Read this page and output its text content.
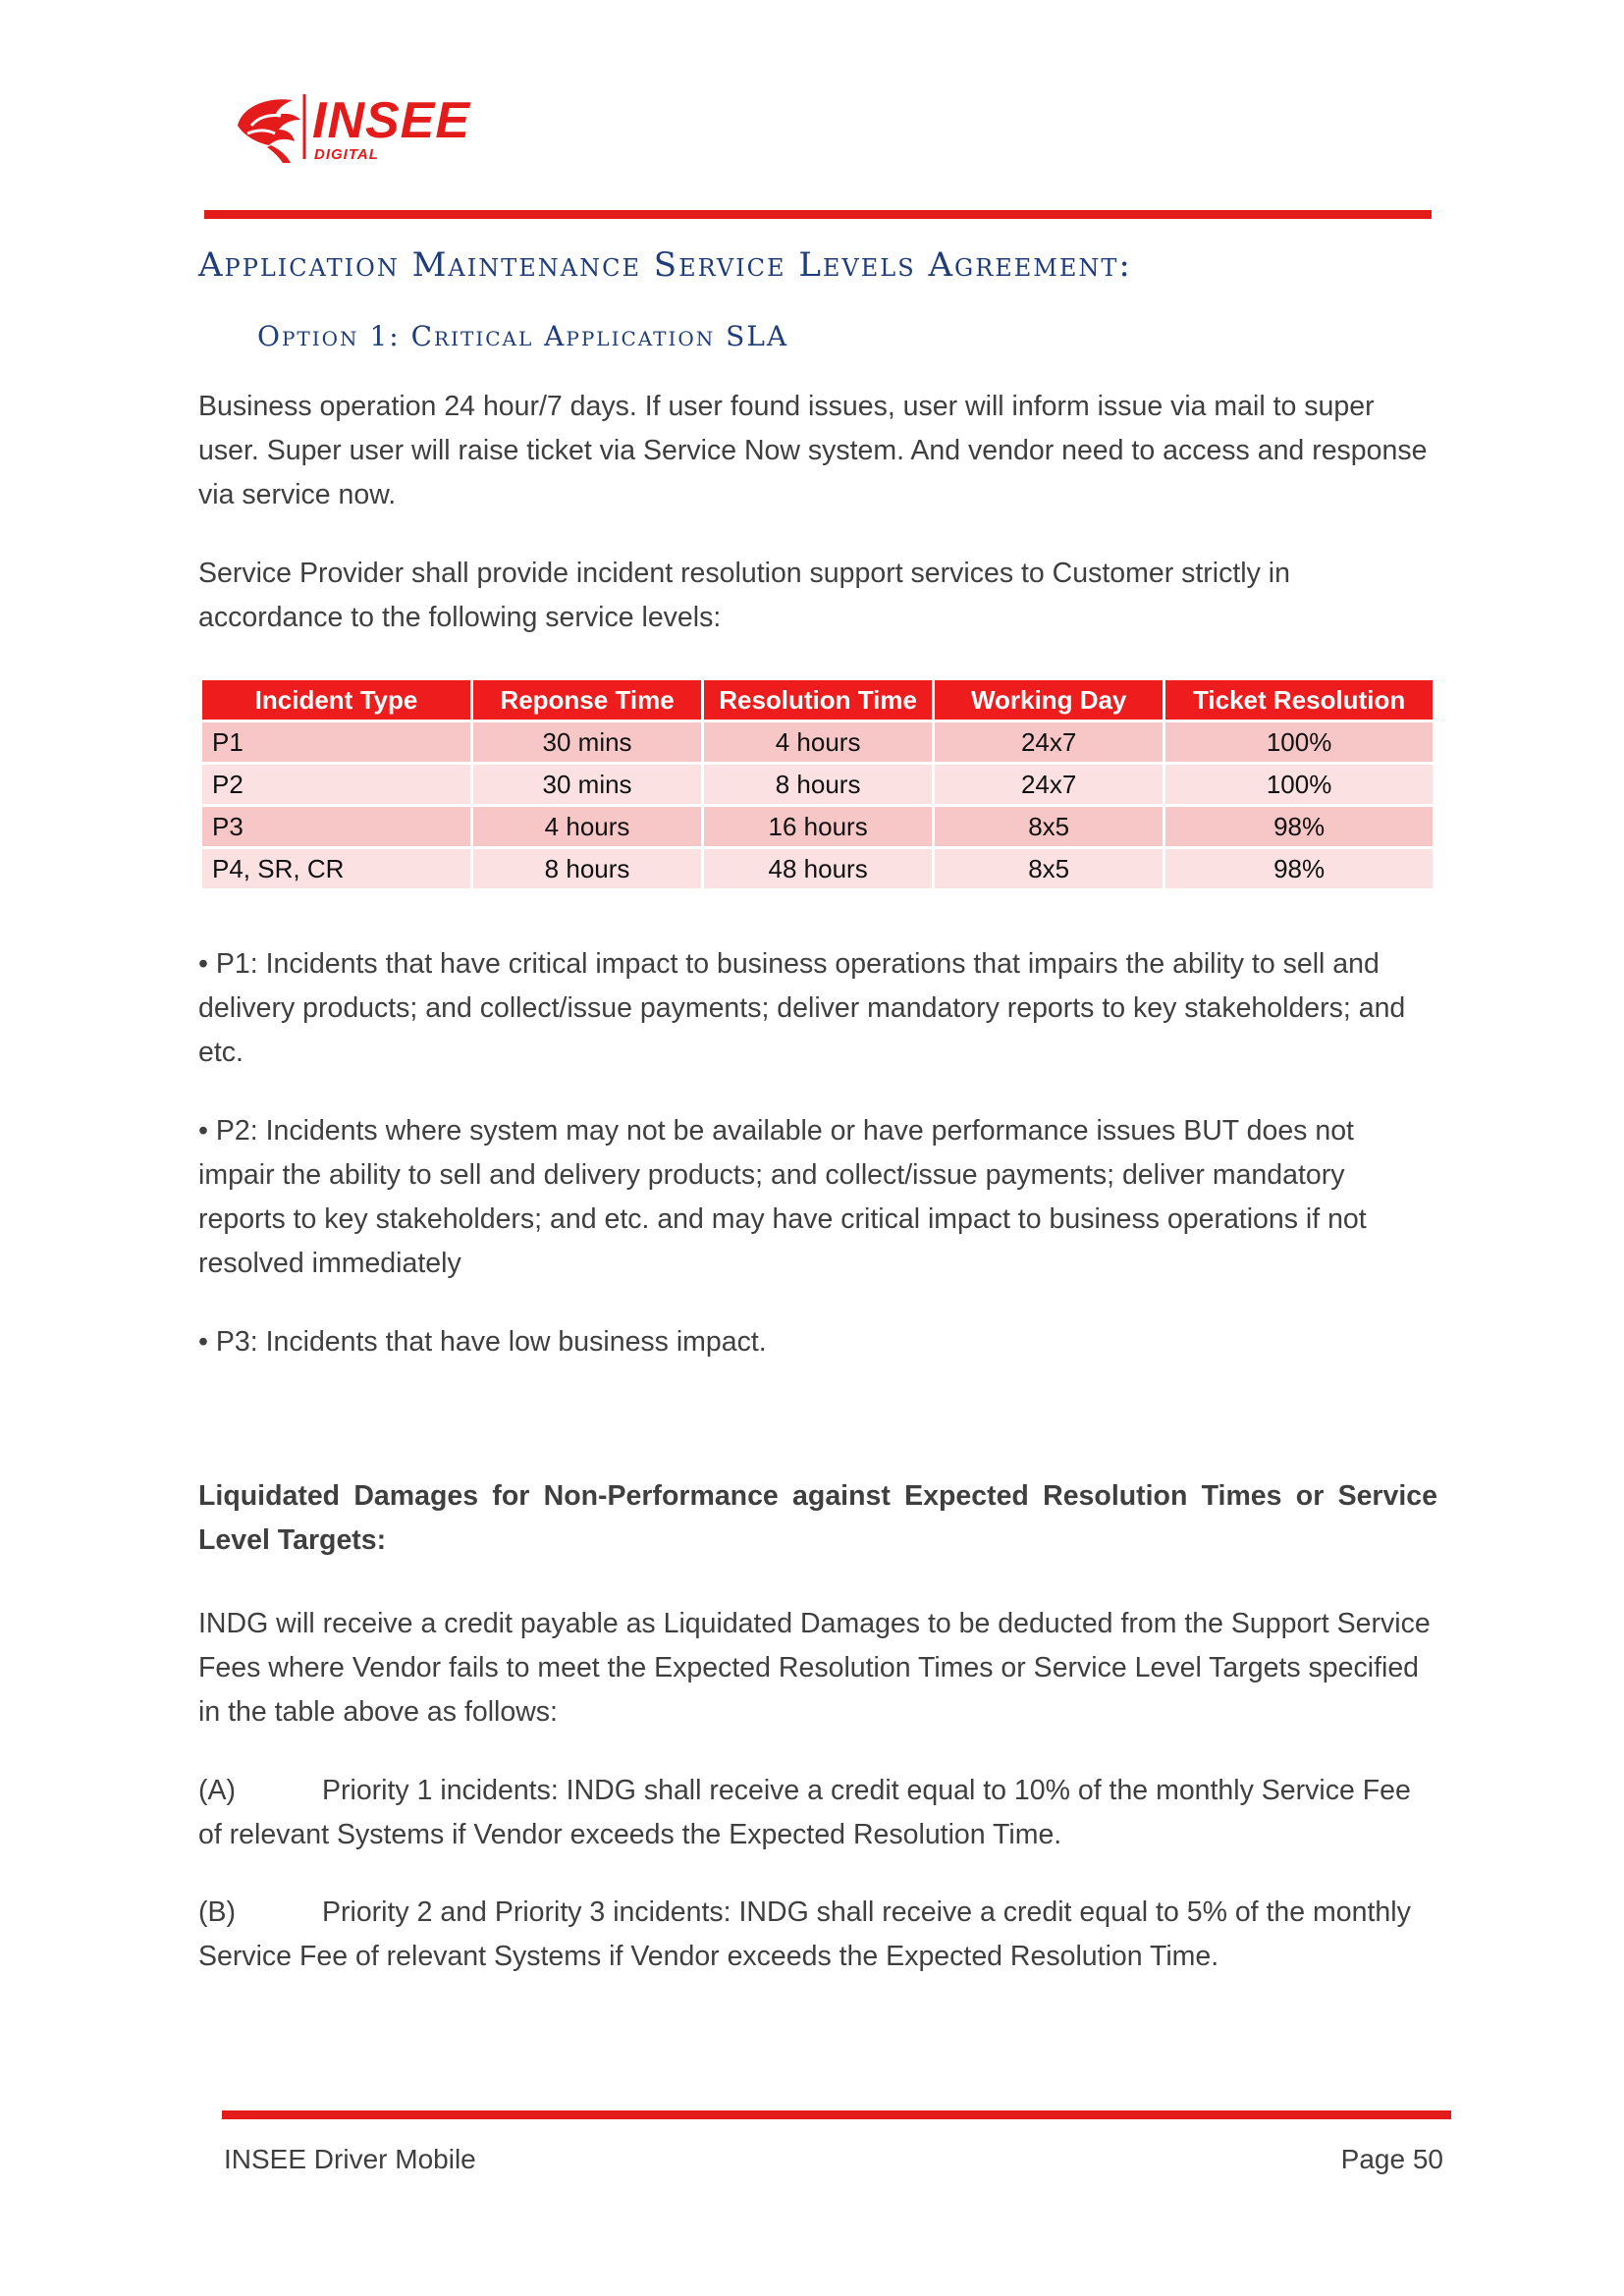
INSEE
DIGITAL
Application Maintenance Service Levels Agreement:
Option 1: Critical Application SLA

Business operation 24 hour/7 days. If user found issues, user will inform issue via mail to super user. Super user will raise ticket via Service Now system. And vendor need to access and response via service now.

Service Provider shall provide incident resolution support services to Customer strictly in accordance to the following service levels:

Incident Type	Reponse Time	Resolution Time	Working Day	Ticket Resolution
P1	30 mins	4 hours	24x7	100%
P2	30 mins	8 hours	24x7	100%
P3	4 hours	16 hours	8x5	98%
P4, SR, CR	8 hours	48 hours	8x5	98%

• P1: Incidents that have critical impact to business operations that impairs the ability to sell and delivery products; and collect/issue payments; deliver mandatory reports to key stakeholders; and etc.

• P2: Incidents where system may not be available or have performance issues BUT does not impair the ability to sell and delivery products; and collect/issue payments; deliver mandatory reports to key stakeholders; and etc. and may have critical impact to business operations if not resolved immediately

• P3: Incidents that have low business impact.

Liquidated Damages for Non-Performance against Expected Resolution Times or Service Level Targets:

INDG will receive a credit payable as Liquidated Damages to be deducted from the Support Service Fees where Vendor fails to meet the Expected Resolution Times or Service Level Targets specified in the table above as follows:

(A)	Priority 1 incidents: INDG shall receive a credit equal to 10% of the monthly Service Fee of relevant Systems if Vendor exceeds the Expected Resolution Time.

(B)	Priority 2 and Priority 3 incidents: INDG shall receive a credit equal to 5% of the monthly Service Fee of relevant Systems if Vendor exceeds the Expected Resolution Time.

INSEE Driver Mobile	Page 50
